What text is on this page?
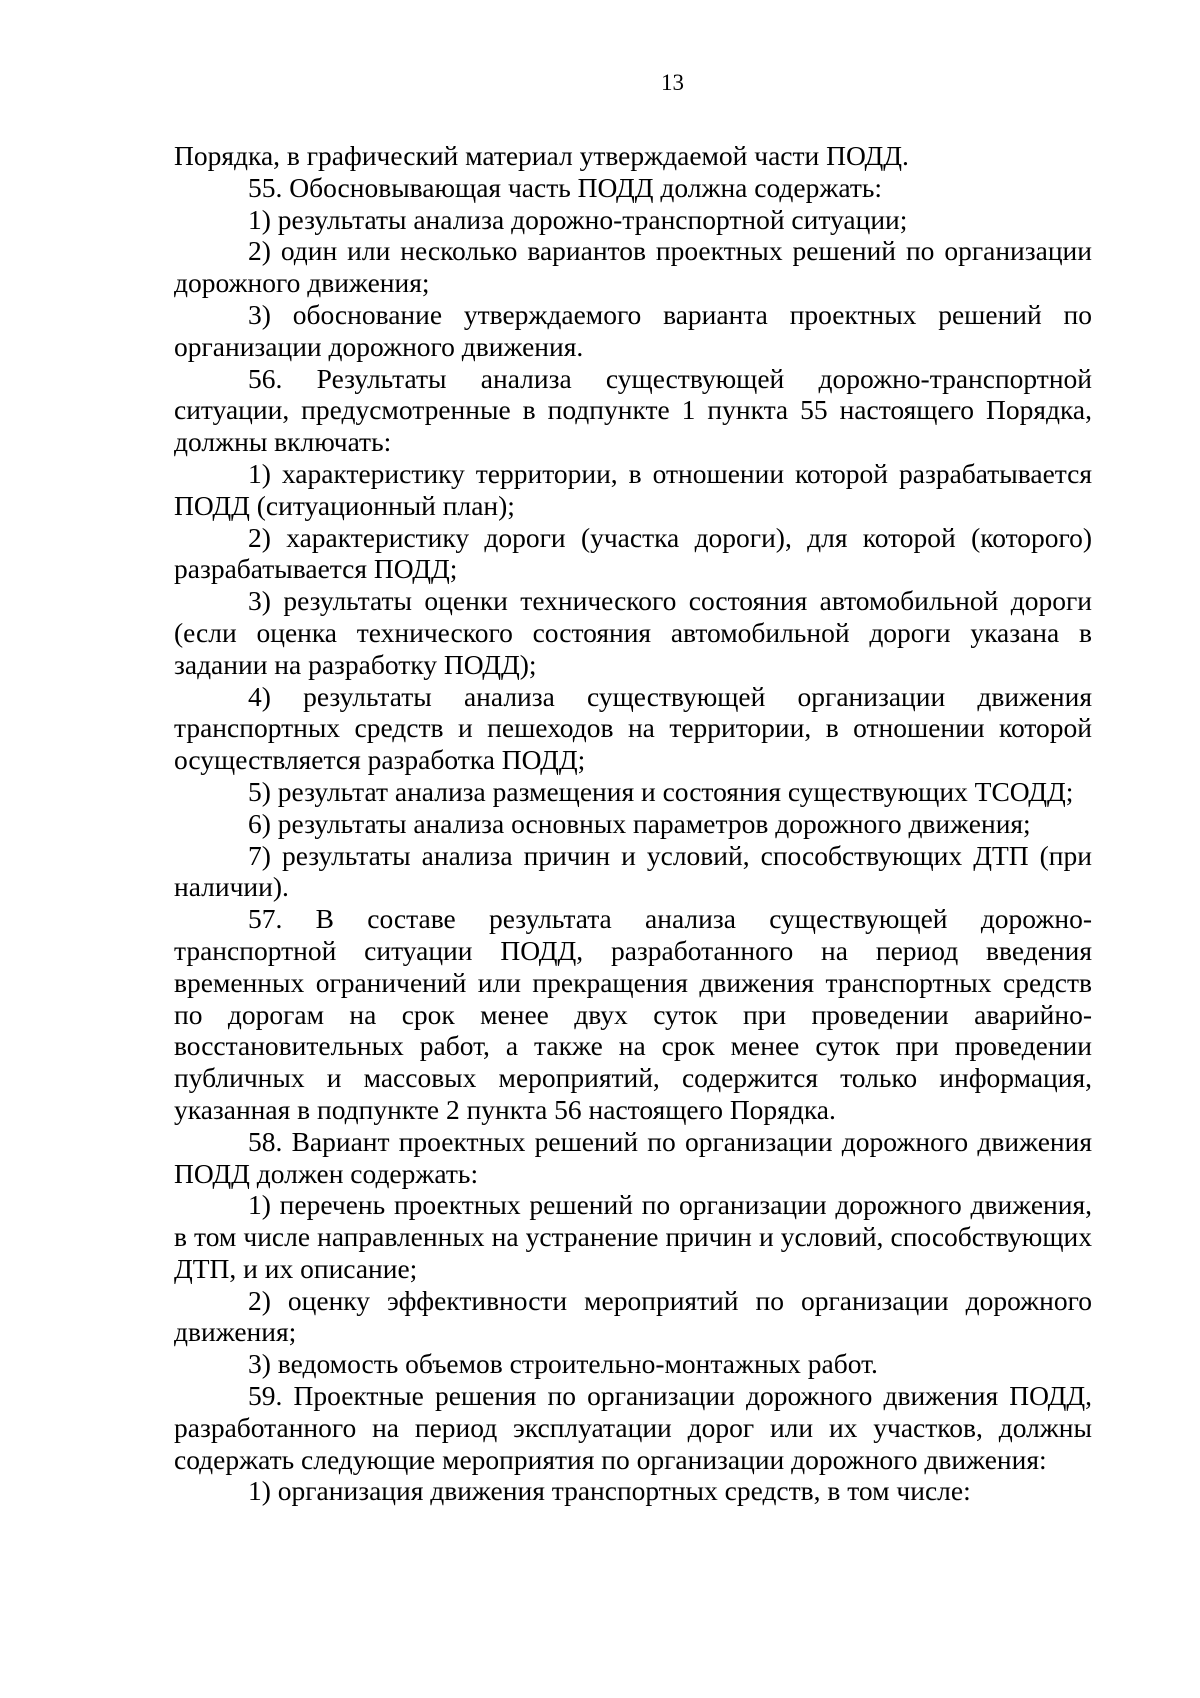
13

Порядка, в графический материал утверждаемой части ПОДД.

55. Обосновывающая часть ПОДД должна содержать:

1) результаты анализа дорожно-транспортной ситуации;

2) один или несколько вариантов проектных решений по организации дорожного движения;

3) обоснование утверждаемого варианта проектных решений по организации дорожного движения.

56. Результаты анализа существующей дорожно-транспортной ситуации, предусмотренные в подпункте 1 пункта 55 настоящего Порядка, должны включать:

1) характеристику территории, в отношении которой разрабатывается ПОДД (ситуационный план);

2) характеристику дороги (участка дороги), для которой (которого) разрабатывается ПОДД;

3) результаты оценки технического состояния автомобильной дороги (если оценка технического состояния автомобильной дороги указана в задании на разработку ПОДД);

4) результаты анализа существующей организации движения транспортных средств и пешеходов на территории, в отношении которой осуществляется разработка ПОДД;

5) результат анализа размещения и состояния существующих ТСОДД;

6) результаты анализа основных параметров дорожного движения;

7) результаты анализа причин и условий, способствующих ДТП (при наличии).

57. В составе результата анализа существующей дорожно-транспортной ситуации ПОДД, разработанного на период введения временных ограничений или прекращения движения транспортных средств по дорогам на срок менее двух суток при проведении аварийно-восстановительных работ, а также на срок менее суток при проведении публичных и массовых мероприятий, содержится только информация, указанная в подпункте 2 пункта 56 настоящего Порядка.

58. Вариант проектных решений по организации дорожного движения ПОДД должен содержать:

1) перечень проектных решений по организации дорожного движения, в том числе направленных на устранение причин и условий, способствующих ДТП, и их описание;

2) оценку эффективности мероприятий по организации дорожного движения;

3) ведомость объемов строительно-монтажных работ.

59. Проектные решения по организации дорожного движения ПОДД, разработанного на период эксплуатации дорог или их участков, должны содержать следующие мероприятия по организации дорожного движения:

1) организация движения транспортных средств, в том числе:
